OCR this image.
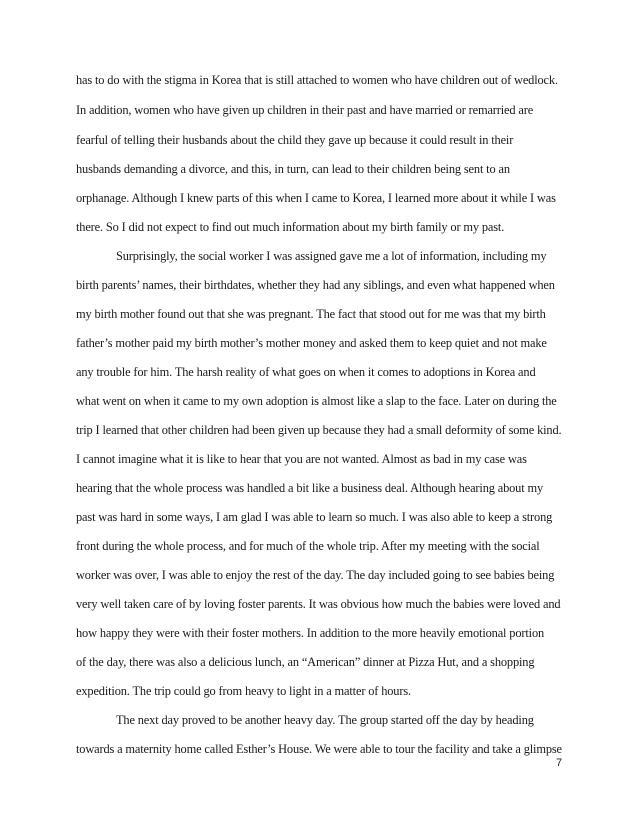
has to do with the stigma in Korea that is still attached to women who have children out of wedlock.
In addition, women who have given up children in their past and have married or remarried are
fearful of telling their husbands about the child they gave up because it could result in their
husbands demanding a divorce, and this, in turn, can lead to their children being sent to an
orphanage. Although I knew parts of this when I came to Korea, I learned more about it while I was
there. So I did not expect to find out much information about my birth family or my past.
Surprisingly, the social worker I was assigned gave me a lot of information, including my
birth parents’ names, their birthdates, whether they had any siblings, and even what happened when
my birth mother found out that she was pregnant. The fact that stood out for me was that my birth
father’s mother paid my birth mother’s mother money and asked them to keep quiet and not make
any trouble for him. The harsh reality of what goes on when it comes to adoptions in Korea and
what went on when it came to my own adoption is almost like a slap to the face. Later on during the
trip I learned that other children had been given up because they had a small deformity of some kind.
I cannot imagine what it is like to hear that you are not wanted. Almost as bad in my case was
hearing that the whole process was handled a bit like a business deal. Although hearing about my
past was hard in some ways, I am glad I was able to learn so much. I was also able to keep a strong
front during the whole process, and for much of the whole trip. After my meeting with the social
worker was over, I was able to enjoy the rest of the day. The day included going to see babies being
very well taken care of by loving foster parents. It was obvious how much the babies were loved and
how happy they were with their foster mothers. In addition to the more heavily emotional portion
of the day, there was also a delicious lunch, an “American” dinner at Pizza Hut, and a shopping
expedition. The trip could go from heavy to light in a matter of hours.
The next day proved to be another heavy day. The group started off the day by heading
towards a maternity home called Esther’s House. We were able to tour the facility and take a glimpse
7
